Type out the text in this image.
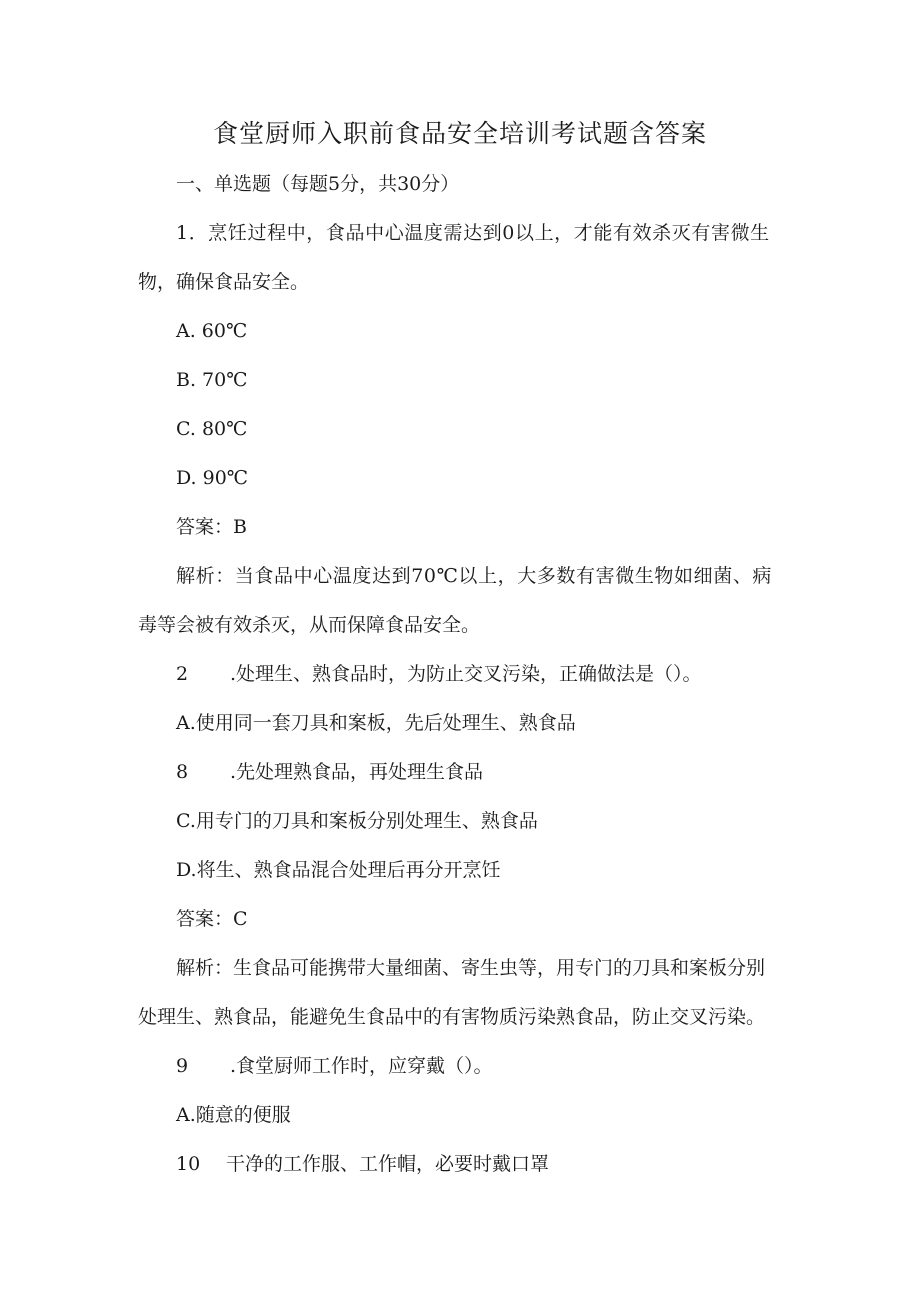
食堂厨师入职前食品安全培训考试题含答案
一、单选题（每题5分，共30分）
1．烹饪过程中，食品中心温度需达到0以上，才能有效杀灭有害微生
物，确保食品安全。
A. 60℃
B. 70℃
C. 80℃
D. 90℃
答案：B
解析：当食品中心温度达到70℃以上，大多数有害微生物如细菌、病
毒等会被有效杀灭，从而保障食品安全。
2 .处理生、熟食品时，为防止交叉污染，正确做法是（）。
A.使用同一套刀具和案板，先后处理生、熟食品
8 .先处理熟食品，再处理生食品
C.用专门的刀具和案板分别处理生、熟食品
D.将生、熟食品混合处理后再分开烹饪
答案：C
解析：生食品可能携带大量细菌、寄生虫等，用专门的刀具和案板分别
处理生、熟食品，能避免生食品中的有害物质污染熟食品，防止交叉污染。
9 .食堂厨师工作时，应穿戴（）。
A.随意的便服
10 干净的工作服、工作帽，必要时戴口罩
